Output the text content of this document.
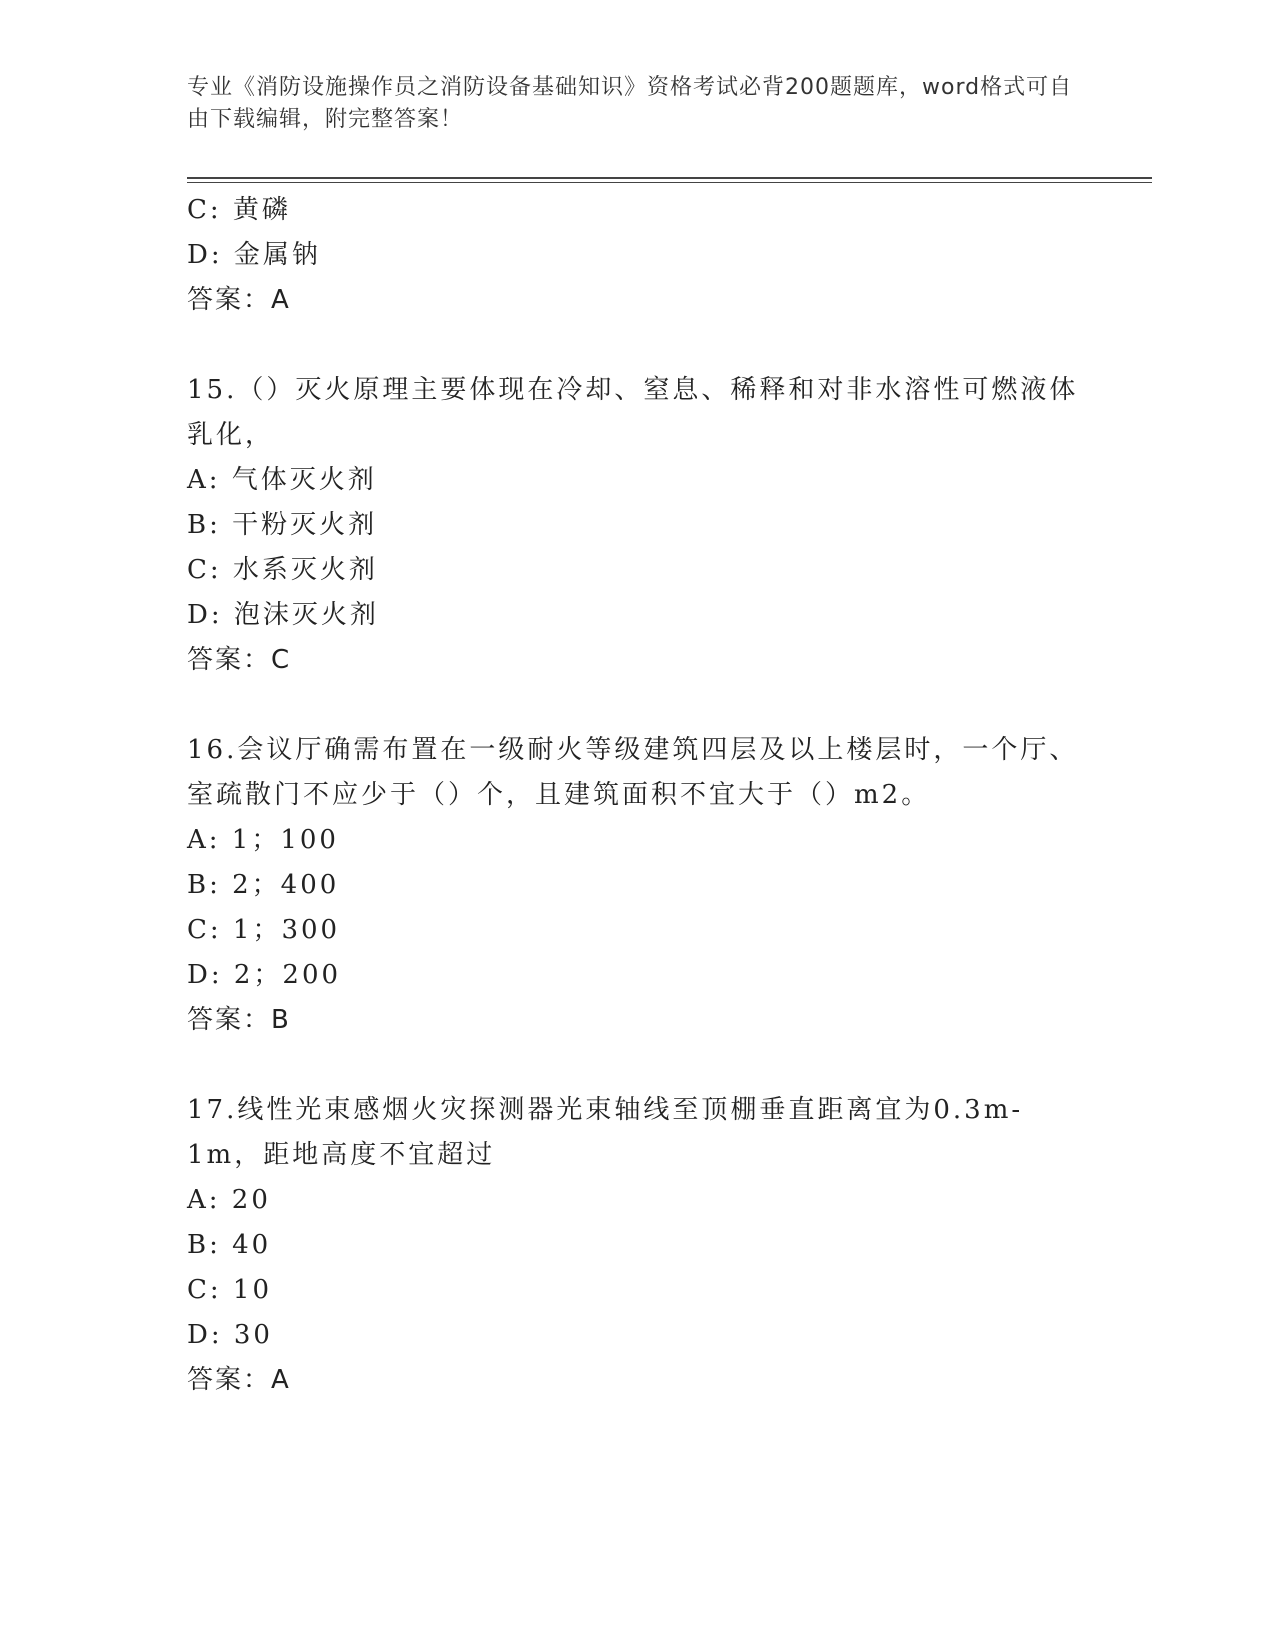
专业《消防设施操作员之消防设备基础知识》资格考试必背200题题库，word格式可自由下载编辑，附完整答案！
C: 黄磷
D: 金属钠
答案：A
15.（）灭火原理主要体现在冷却、窒息、稀释和对非水溶性可燃液体乳化，
A: 气体灭火剂
B: 干粉灭火剂
C: 水系灭火剂
D: 泡沫灭火剂
答案：C
16.会议厅确需布置在一级耐火等级建筑四层及以上楼层时，一个厅、室疏散门不应少于（）个，且建筑面积不宜大于（）m2。
A: 1；100
B: 2；400
C: 1；300
D: 2；200
答案：B
17.线性光束感烟火灾探测器光束轴线至顶棚垂直距离宜为0.3m-1m，距地高度不宜超过
A: 20
B: 40
C: 10
D: 30
答案：A
